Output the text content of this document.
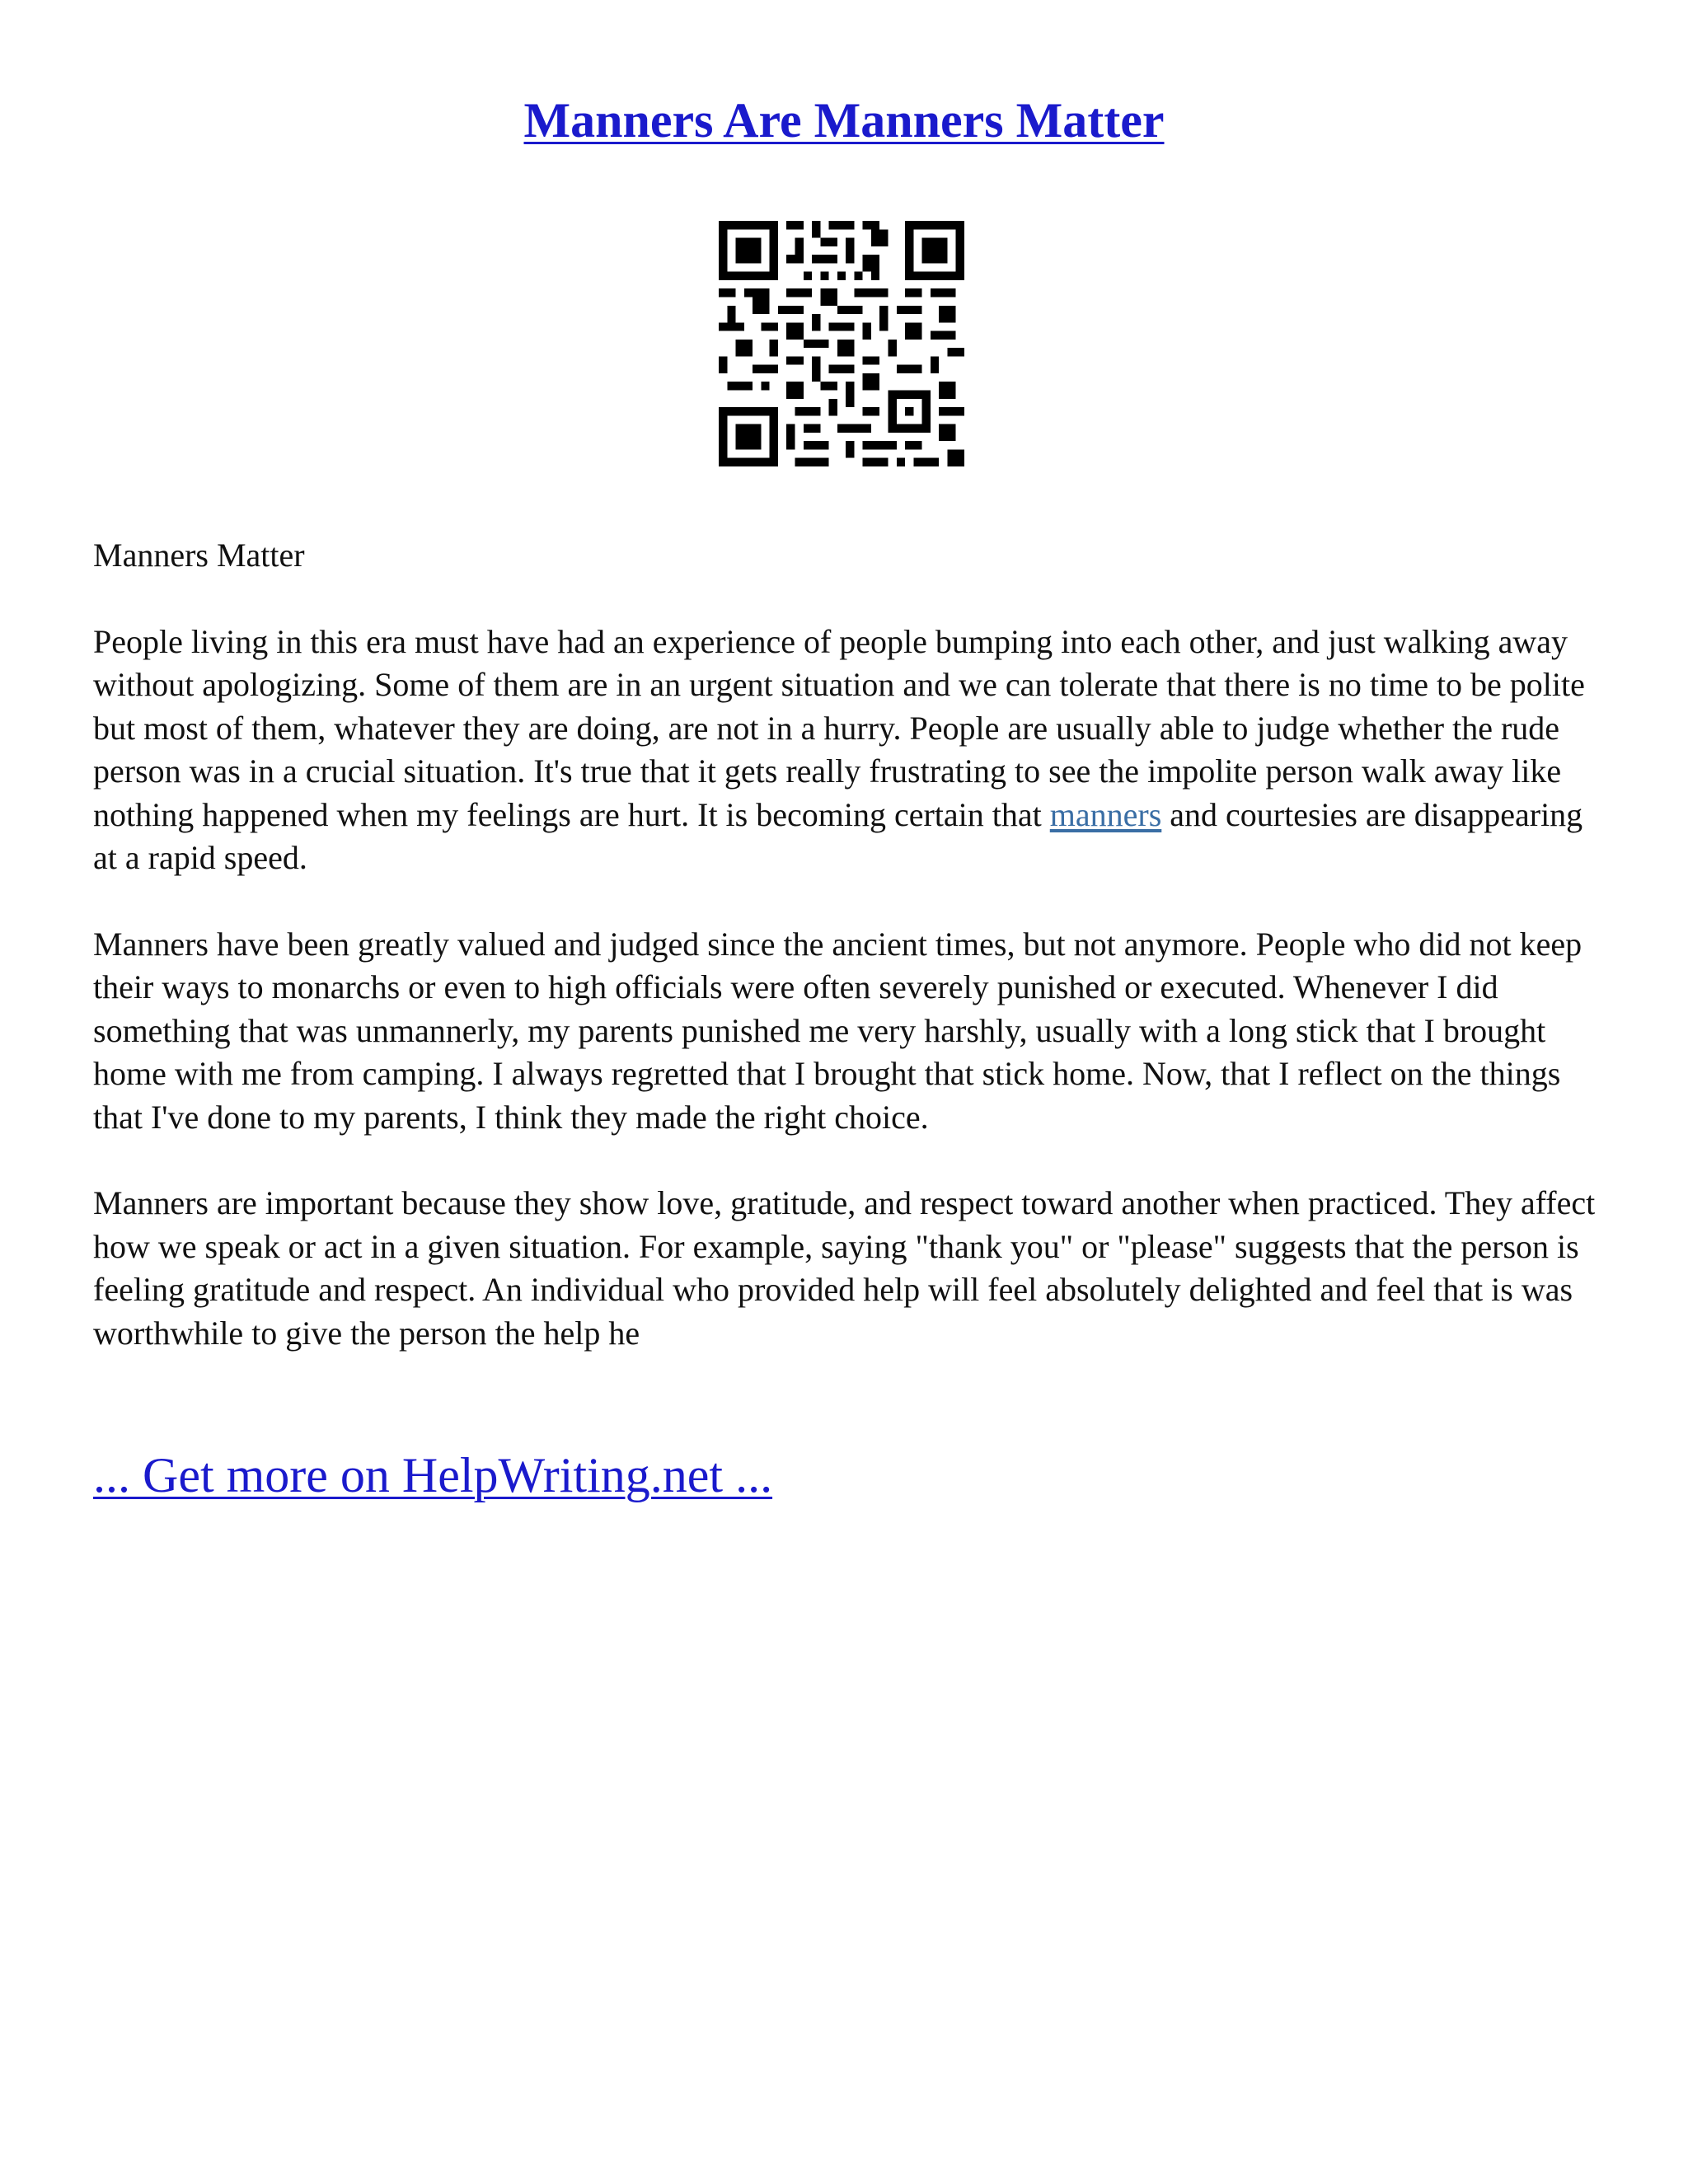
Manners Are Manners Matter

Manners Matter

People living in this era must have had an experience of people bumping into each other, and just walking away without apologizing. Some of them are in an urgent situation and we can tolerate that there is no time to be polite but most of them, whatever they are doing, are not in a hurry. People are usually able to judge whether the rude person was in a crucial situation. It's true that it gets really frustrating to see the impolite person walk away like nothing happened when my feelings are hurt. It is becoming certain that manners and courtesies are disappearing at a rapid speed.

Manners have been greatly valued and judged since the ancient times, but not anymore. People who did not keep their ways to monarchs or even to high officials were often severely punished or executed. Whenever I did something that was unmannerly, my parents punished me very harshly, usually with a long stick that I brought home with me from camping. I always regretted that I brought that stick home. Now, that I reflect on the things that I've done to my parents, I think they made the right choice.

Manners are important because they show love, gratitude, and respect toward another when practiced. They affect how we speak or act in a given situation. For example, saying "thank you" or "please" suggests that the person is feeling gratitude and respect. An individual who provided help will feel absolutely delighted and feel that is was worthwhile to give the person the help he

... Get more on HelpWriting.net ...
